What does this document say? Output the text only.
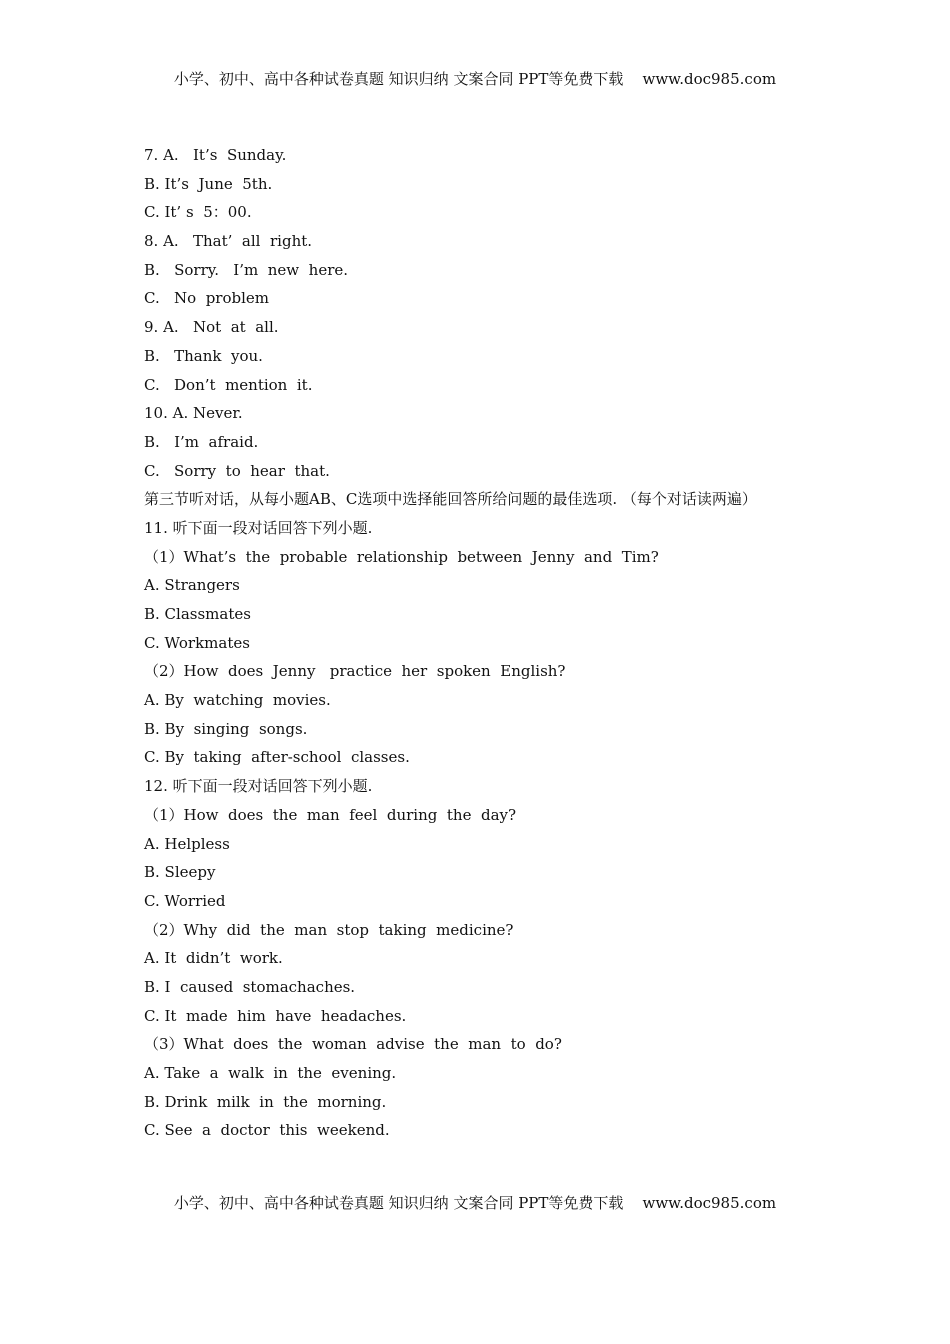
小学、初中、高中各种试卷真题 知识归纳 文案合同 PPT等免费下载    www.doc985.com
7. A.   It’s  Sunday.
B. It’s  June  5th.
C. It’ s  5：00.
8. A.   That’  all  right.
B.   Sorry.   I’m  new  here.
C.   No  problem
9. A.   Not  at  all.
B.   Thank  you.
C.   Don’t  mention  it.
10. A. Never.
B.   I’m  afraid.
C.   Sorry  to  hear  that.
第三节听对话，从每小题AB、C选项中选择能回答所给问题的最佳选项. （每个对话读两遍）
11. 听下面一段对话回答下列小题.
（1）What’s  the  probable  relationship  between  Jenny  and  Tim?
A. Strangers
B. Classmates
C. Workmates
（2）How  does  Jenny   practice  her  spoken  English?
A. By  watching  movies.
B. By  singing  songs.
C. By  taking  after-school  classes.
12. 听下面一段对话回答下列小题.
（1）How  does  the  man  feel  during  the  day?
A. Helpless
B. Sleepy
C. Worried
（2）Why  did  the  man  stop  taking  medicine?
A. It  didn’t  work.
B. I  caused  stomachaches.
C. It  made  him  have  headaches.
（3）What  does  the  woman  advise  the  man  to  do?
A. Take  a  walk  in  the  evening.
B. Drink  milk  in  the  morning.
C. See  a  doctor  this  weekend.
小学、初中、高中各种试卷真题 知识归纳 文案合同 PPT等免费下载    www.doc985.com
